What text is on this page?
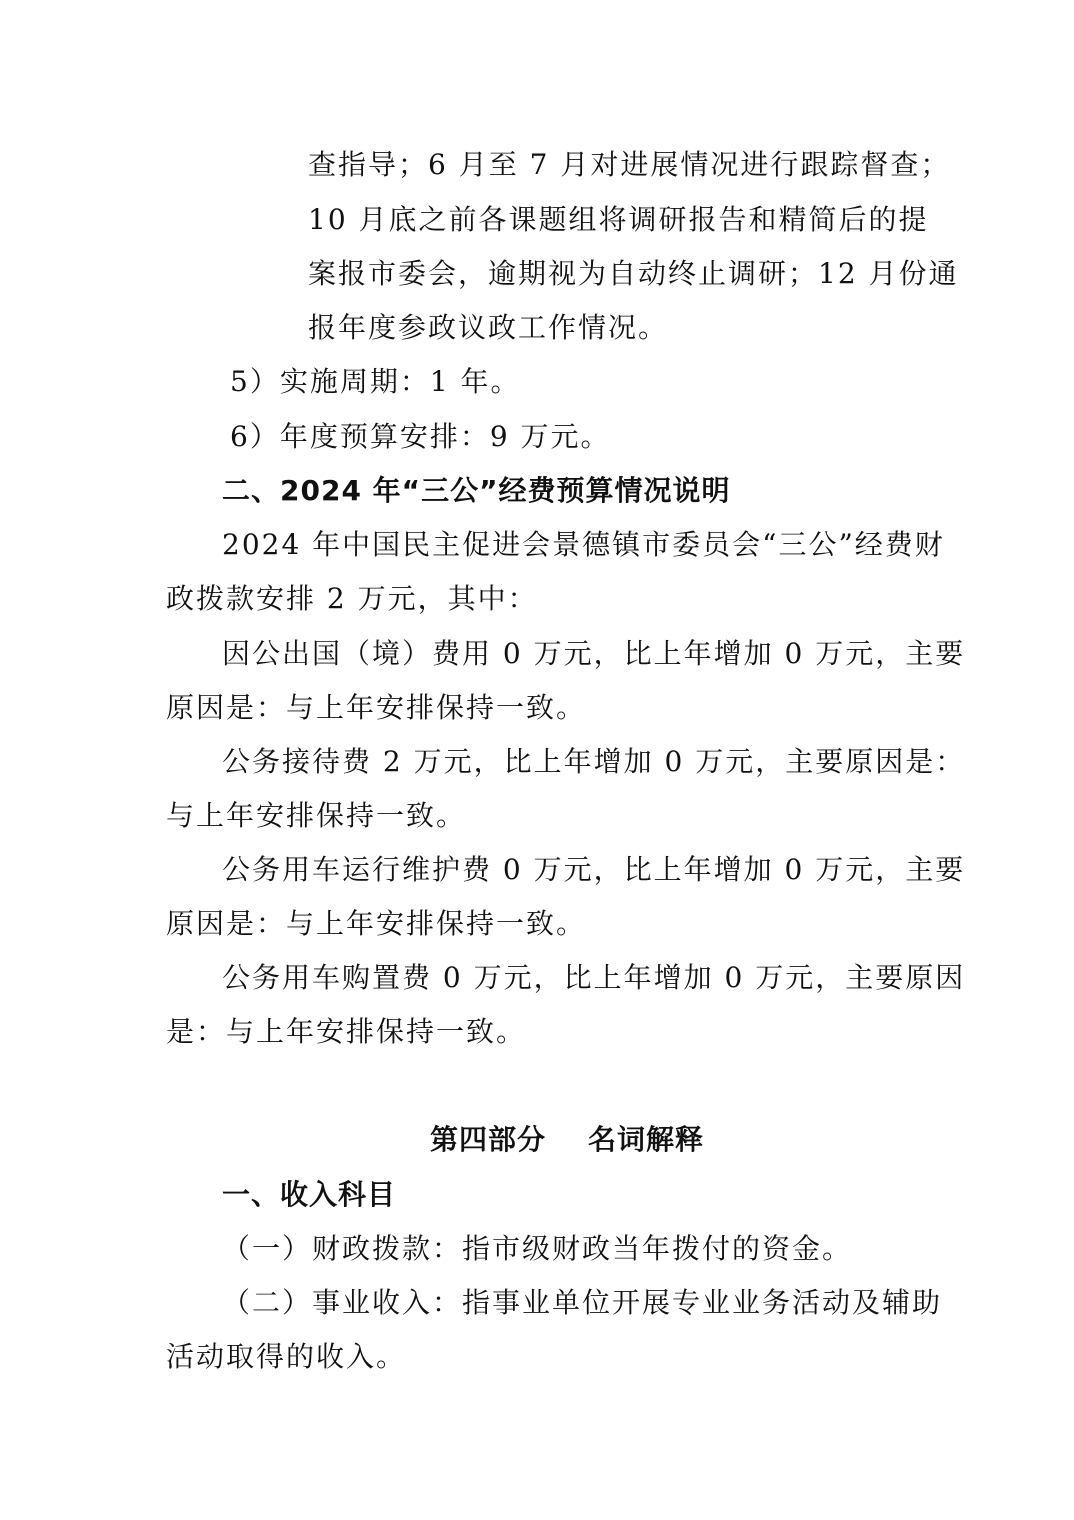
查指导；6 月至 7 月对进展情况进行跟踪督查；
10 月底之前各课题组将调研报告和精简后的提
案报市委会，逾期视为自动终止调研；12 月份通
报年度参政议政工作情况。
5）实施周期：1 年。
6）年度预算安排：9 万元。
二、2024 年“三公”经费预算情况说明
2024 年中国民主促进会景德镇市委员会“三公”经费财
政拨款安排 2 万元，其中：
因公出国（境）费用 0 万元，比上年增加 0 万元，主要
原因是：与上年安排保持一致。
公务接待费 2 万元，比上年增加 0 万元，主要原因是：
与上年安排保持一致。
公务用车运行维护费 0 万元，比上年增加 0 万元，主要
原因是：与上年安排保持一致。
公务用车购置费 0 万元，比上年增加 0 万元，主要原因
是：与上年安排保持一致。
第四部分 名词解释
一、收入科目
（一）财政拨款：指市级财政当年拨付的资金。
（二）事业收入：指事业单位开展专业业务活动及辅助
活动取得的收入。
